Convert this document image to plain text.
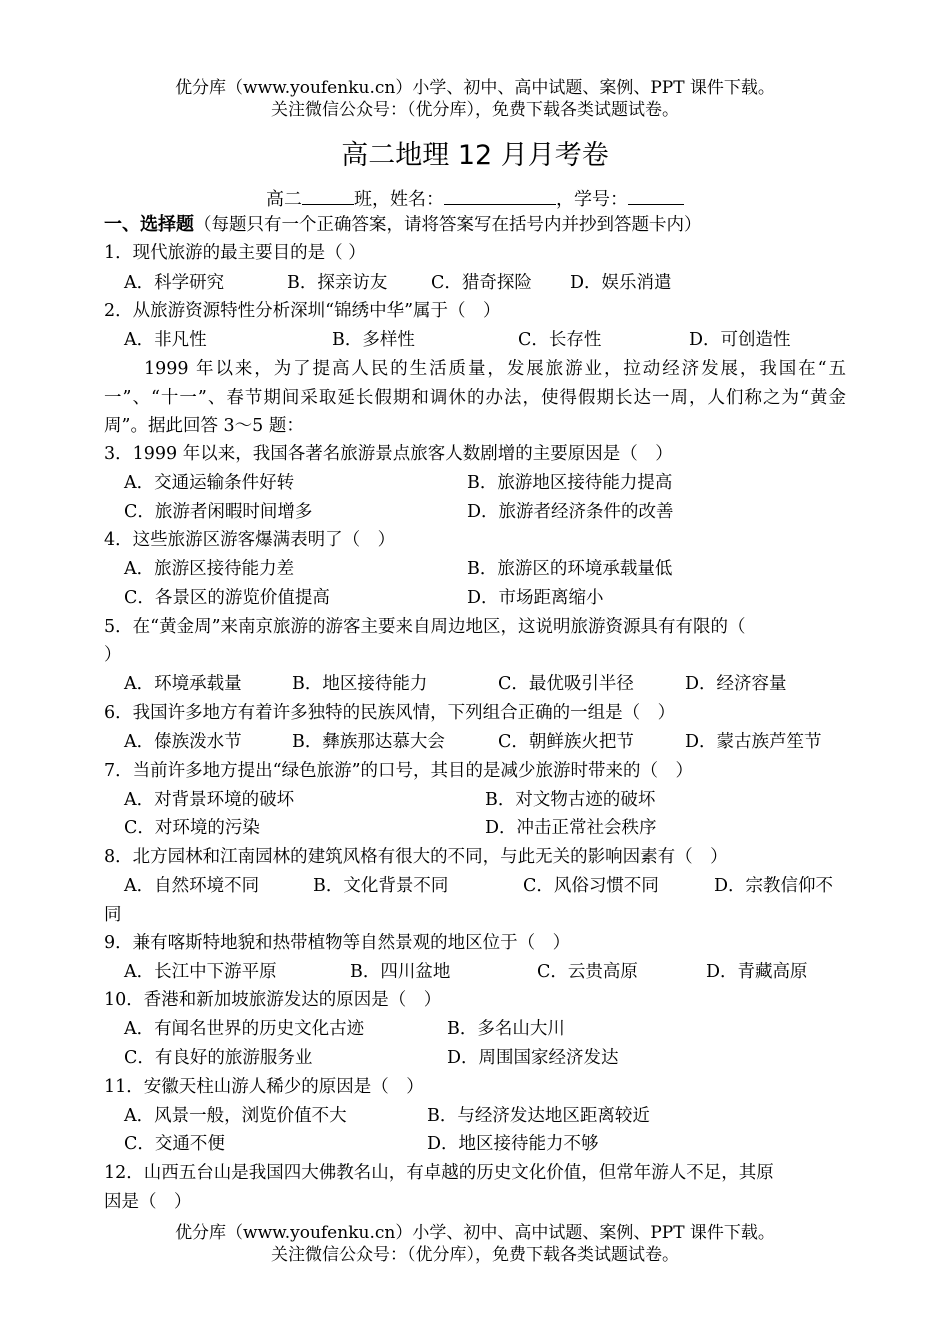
优分库（www.youfenku.cn）小学、初中、高中试题、案例、PPT 课件下载。
关注微信公众号：（优分库），免费下载各类试题试卷。
高二地理 12 月月考卷
高二	班，姓名：	，学号：
一、选择题（每题只有一个正确答案，请将答案写在括号内并抄到答题卡内）
1．现代旅游的最主要目的是（ ）
A．科学研究	B．探亲访友 C．猎奇探险 D．娱乐消遣
2．从旅游资源特性分析深圳“锦绣中华”属于（　）
A．非凡性	B．多样性	C．长存性	D．可创造性
1999 年以来，为了提高人民的生活质量，发展旅游业，拉动经济发展，我国在“五一”、“十一”、春节期间采取延长假期和调休的办法，使得假期长达一周，人们称之为“黄金周”。据此回答 3～5 题：
3．1999 年以来，我国各著名旅游景点旅客人数剧增的主要原因是（　）
A．交通运输条件好转	B．旅游地区接待能力提高
C．旅游者闲暇时间增多	D．旅游者经济条件的改善
4．这些旅游区游客爆满表明了（　）
A．旅游区接待能力差	B．旅游区的环境承载量低
C．各景区的游览价值提高	D．市场距离缩小
5．在“黄金周”来南京旅游的游客主要来自周边地区，这说明旅游资源具有有限的（
）
A．环境承载量	B．地区接待能力	C．最优吸引半径	D．经济容量
6．我国许多地方有着许多独特的民族风情，下列组合正确的一组是（　）
A．傣族泼水节	B．彝族那达慕大会	C．朝鲜族火把节	D．蒙古族芦笙节
7．当前许多地方提出“绿色旅游”的口号，其目的是减少旅游时带来的（　）
A．对背景环境的破坏	B．对文物古迹的破坏
C．对环境的污染	D．冲击正常社会秩序
8．北方园林和江南园林的建筑风格有很大的不同，与此无关的影响因素有（　）
A．自然环境不同	B．文化背景不同	C．风俗习惯不同	D．宗教信仰不
同
9．兼有喀斯特地貌和热带植物等自然景观的地区位于（　）
A．长江中下游平原	B．四川盆地	C．云贵高原	D．青藏高原
10．香港和新加坡旅游发达的原因是（　）
A．有闻名世界的历史文化古迹	B．多名山大川
C．有良好的旅游服务业	D．周围国家经济发达
11．安徽天柱山游人稀少的原因是（　）
A．风景一般，浏览价值不大	B．与经济发达地区距离较近
C．交通不便	D．地区接待能力不够
12．山西五台山是我国四大佛教名山，有卓越的历史文化价值，但常年游人不足，其原
因是（　）
优分库（www.youfenku.cn）小学、初中、高中试题、案例、PPT 课件下载。
关注微信公众号：（优分库），免费下载各类试题试卷。
